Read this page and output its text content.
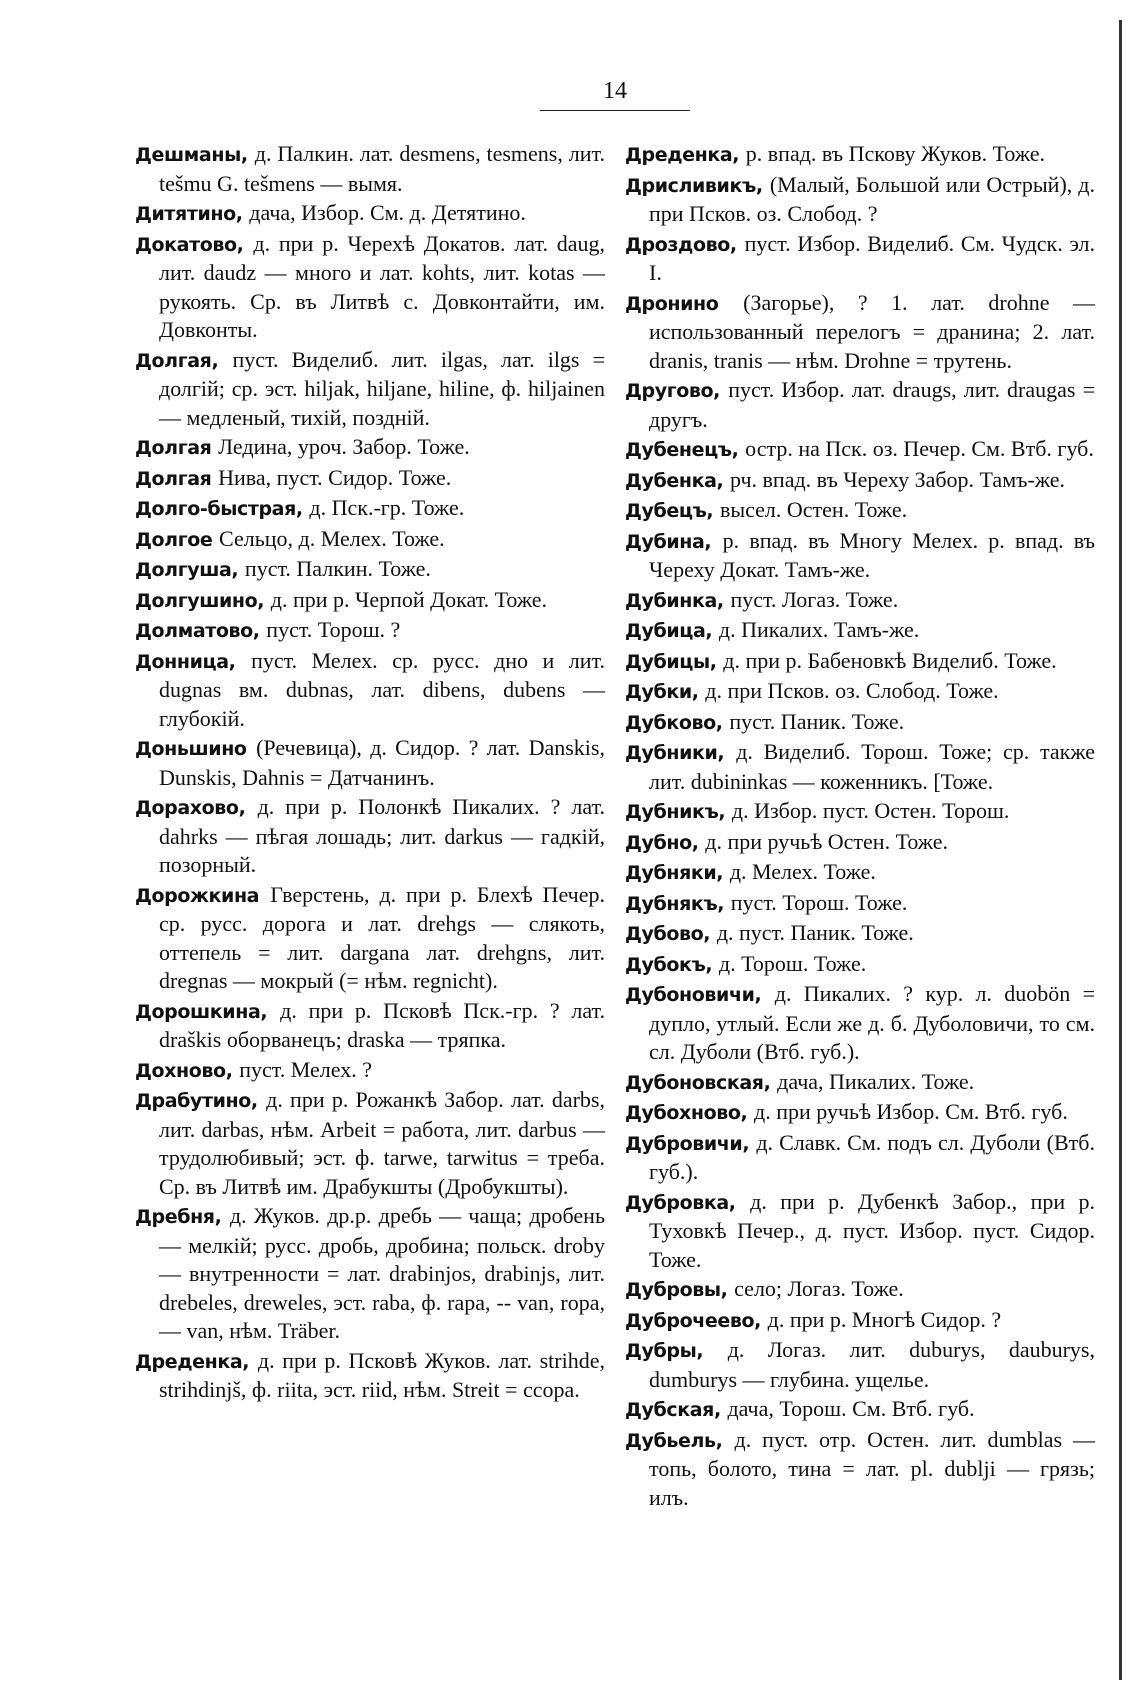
14

Дешманы, д. Палкин. лат. desmens, tesmens, лит. tešmu G. tešmens — вымя.

Дитятино, дача, Избор. См. д. Детятино.

Докатово, д. при р. Черехѣ Докатов. лат. daug, лит. daudz — много и лат. kohts, лит. kotas — рукоять. Ср. въ Литвѣ с. Довконтайти, им. Довконты.

Долгая, пуст. Виделиб. лит. ilgas, лат. ilgs = долгій; ср. эст. hiljak, hiljane, hiline, ф. hiljainen — медленый, тихій, поздній.

Долгая Ледина, уроч. Забор. Тоже.

Долгая Нива, пуст. Сидор. Тоже.

Долго-быстрая, д. Пск.-гр. Тоже.

Долгое Сельцо, д. Мелех. Тоже.

Долгуша, пуст. Палкин. Тоже.

Долгушино, д. при р. Черпой Докат. Тоже.

Долматово, пуст. Торош. ?

Донница, пуст. Мелех. ср. русс. дно и лит. dugnas вм. dubnas, лат. dibens, dubens — глубокій.

Доньшино (Речевица), д. Сидор. ? лат. Danskis, Dunskis, Dahnis = Датчанинъ.

Дорахово, д. при р. Полонкѣ Пикалих. ? лат. dahrks — пѣгая лошадь; лит. darkus — гадкій, позорный.

Дорожкина Гверстень, д. при р. Блехѣ Печер. ср. русс. дорога и лат. drehgs — слякоть, оттепель = лит. dargana лат. drehgns, лит. dregnas — мокрый (= нѣм. regnicht).

Дорошкина, д. при р. Псковѣ Пск.-гр. ? лат. draškis оборванецъ; draska — тряпка.

Дохново, пуст. Мелех. ?

Драбутино, д. при р. Рожанкѣ Забор. лат. darbs, лит. darbas, нѣм. Arbeit = работа, лит. darbus — трудолюбивый; эст. ф. tarwe, tarwitus = треба. Ср. въ Литвѣ им. Драбукшты (Дробукшты).

Дребня, д. Жуков. др.р. дребь — чаща; дробень — мелкій; русс. дробь, дробина; польск. droby — внутренности = лат. drabinjos, drabinjs, лит. drebeles, dreweles, эст. raba, ф. rapa, -- van, ropa, — van, нѣм. Träber.

Дреденка, д. при р. Псковѣ Жуков. лат. strihde, strihdinjš, ф. riita, эст. riid, нѣм. Streit = ссора.

Дреденка, р. впад. въ Пскову Жуков. Тоже.

Дрисливикъ, (Малый, Большой или Острый), д. при Псков. оз. Слобод. ?

Дроздово, пуст. Избор. Виделиб. См. Чудск. эл. I.

Дронино (Загорье), ? 1. лат. drohne — использованный перелогъ = дранина; 2. лат. dranis, tranis — нѣм. Drohne = трутень.

Другово, пуст. Избор. лат. draugs, лит. draugas = другъ.

Дубенецъ, остр. на Пск. оз. Печер. См. Втб. губ.

Дубенка, рч. впад. въ Череху Забор. Тамъ-же.

Дубецъ, высел. Остен. Тоже.

Дубина, р. впад. въ Многу Мелех. р. впад. въ Череху Докат. Тамъ-же.

Дубинка, пуст. Логаз. Тоже.

Дубица, д. Пикалих. Тамъ-же.

Дубицы, д. при р. Бабеновкѣ Виделиб. Тоже.

Дубки, д. при Псков. оз. Слобод. Тоже.

Дубково, пуст. Паник. Тоже.

Дубники, д. Виделиб. Торош. Тоже; ср. также лит. dubininkas — коженникъ. [Тоже.

Дубникъ, д. Избор. пуст. Остен. Торош.

Дубно, д. при ручьѣ Остен. Тоже.

Дубняки, д. Мелех. Тоже.

Дубнякъ, пуст. Торош. Тоже.

Дубово, д. пуст. Паник. Тоже.

Дубокъ, д. Торош. Тоже.

Дубоновичи, д. Пикалих. ? кур. л. duobön = дупло, утлый. Если же д. б. Дуболовичи, то см. сл. Дуболи (Втб. губ.).

Дубоновская, дача, Пикалих. Тоже.

Дубохново, д. при ручьѣ Избор. См. Втб. губ.

Дубровичи, д. Славк. См. подъ сл. Дуболи (Втб. губ.).

Дубровка, д. при р. Дубенкѣ Забор., при р. Туховкѣ Печер., д. пуст. Избор. пуст. Сидор. Тоже.

Дубровы, село; Логаз. Тоже.

Дуброчеево, д. при р. Многѣ Сидор. ?

Дубры, д. Логаз. лит. duburys, dauburys, dumburys — глубина. ущелье.

Дубская, дача, Торош. См. Втб. губ.

Дубьель, д. пуст. отр. Остен. лит. dumblas — топь, болото, тина = лат. pl. dublji — грязь; илъ.
